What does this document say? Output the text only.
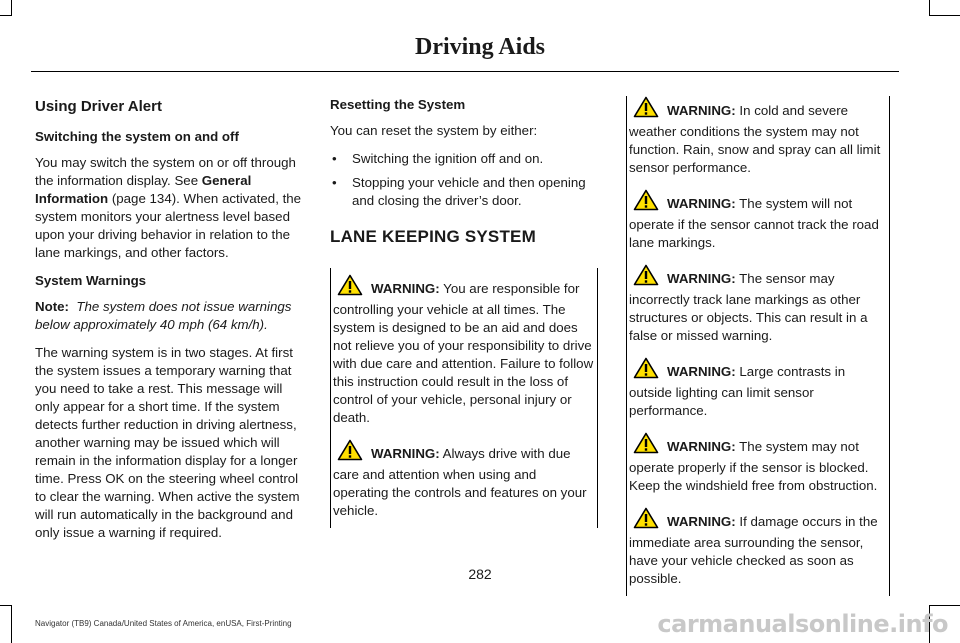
Driving Aids
Using Driver Alert
Switching the system on and off

You may switch the system on or off through the information display. See General Information (page 134). When activated, the system monitors your alertness level based upon your driving behavior in relation to the lane markings, and other factors.

System Warnings

Note: The system does not issue warnings below approximately 40 mph (64 km/h).

The warning system is in two stages. At first the system issues a temporary warning that you need to take a rest. This message will only appear for a short time. If the system detects further reduction in driving alertness, another warning may be issued which will remain in the information display for a longer time. Press OK on the steering wheel control to clear the warning. When active the system will run automatically in the background and only issue a warning if required.

Resetting the System

You can reset the system by either:

• Switching the ignition off and on.
• Stopping your vehicle and then opening and closing the driver’s door.
LANE KEEPING SYSTEM
WARNING: You are responsible for controlling your vehicle at all times. The system is designed to be an aid and does not relieve you of your responsibility to drive with due care and attention. Failure to follow this instruction could result in the loss of control of your vehicle, personal injury or death.
WARNING: Always drive with due care and attention when using and operating the controls and features on your vehicle.
WARNING: In cold and severe weather conditions the system may not function. Rain, snow and spray can all limit sensor performance.
WARNING: The system will not operate if the sensor cannot track the road lane markings.
WARNING: The sensor may incorrectly track lane markings as other structures or objects. This can result in a false or missed warning.
WARNING: Large contrasts in outside lighting can limit sensor performance.
WARNING: The system may not operate properly if the sensor is blocked. Keep the windshield free from obstruction.
WARNING: If damage occurs in the immediate area surrounding the sensor, have your vehicle checked as soon as possible.
282
Navigator (TB9) Canada/United States of America, enUSA, First-Printing	carmanualsonline.info
